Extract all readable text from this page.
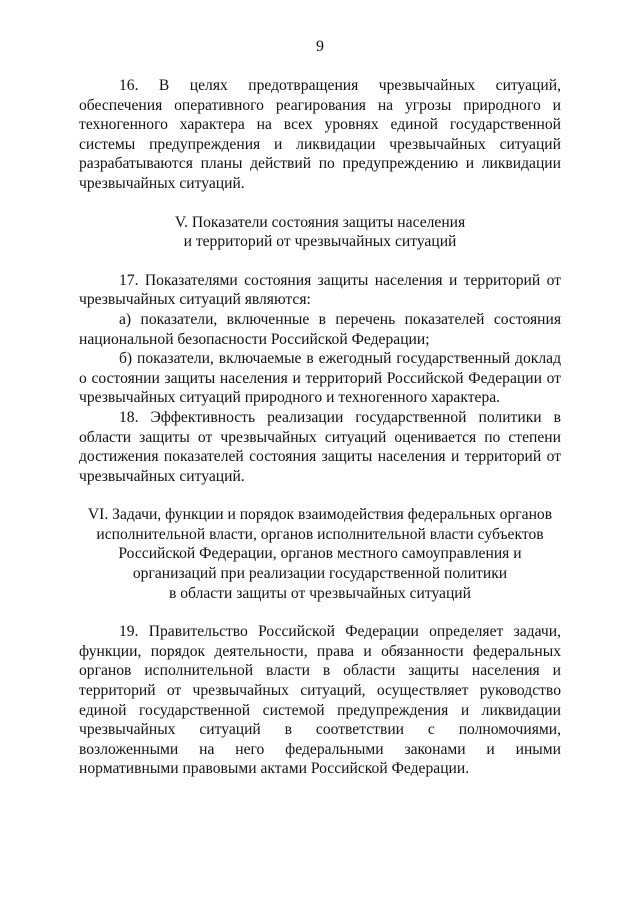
9

16. В целях предотвращения чрезвычайных ситуаций, обеспечения оперативного реагирования на угрозы природного и техногенного характера на всех уровнях единой государственной системы предупреждения и ликвидации чрезвычайных ситуаций разрабатываются планы действий по предупреждению и ликвидации чрезвычайных ситуаций.

V. Показатели состояния защиты населения
и территорий от чрезвычайных ситуаций

17. Показателями состояния защиты населения и территорий от чрезвычайных ситуаций являются:

а) показатели, включенные в перечень показателей состояния национальной безопасности Российской Федерации;

б) показатели, включаемые в ежегодный государственный доклад о состоянии защиты населения и территорий Российской Федерации от чрезвычайных ситуаций природного и техногенного характера.

18. Эффективность реализации государственной политики в области защиты от чрезвычайных ситуаций оценивается по степени достижения показателей состояния защиты населения и территорий от чрезвычайных ситуаций.

VI. Задачи, функции и порядок взаимодействия федеральных органов
исполнительной власти, органов исполнительной власти субъектов
Российской Федерации, органов местного самоуправления и
организаций при реализации государственной политики
в области защиты от чрезвычайных ситуаций

19. Правительство Российской Федерации определяет задачи, функции, порядок деятельности, права и обязанности федеральных органов исполнительной власти в области защиты населения и территорий от чрезвычайных ситуаций, осуществляет руководство единой государственной системой предупреждения и ликвидации чрезвычайных ситуаций в соответствии с полномочиями, возложенными на него федеральными законами и иными нормативными правовыми актами Российской Федерации.
